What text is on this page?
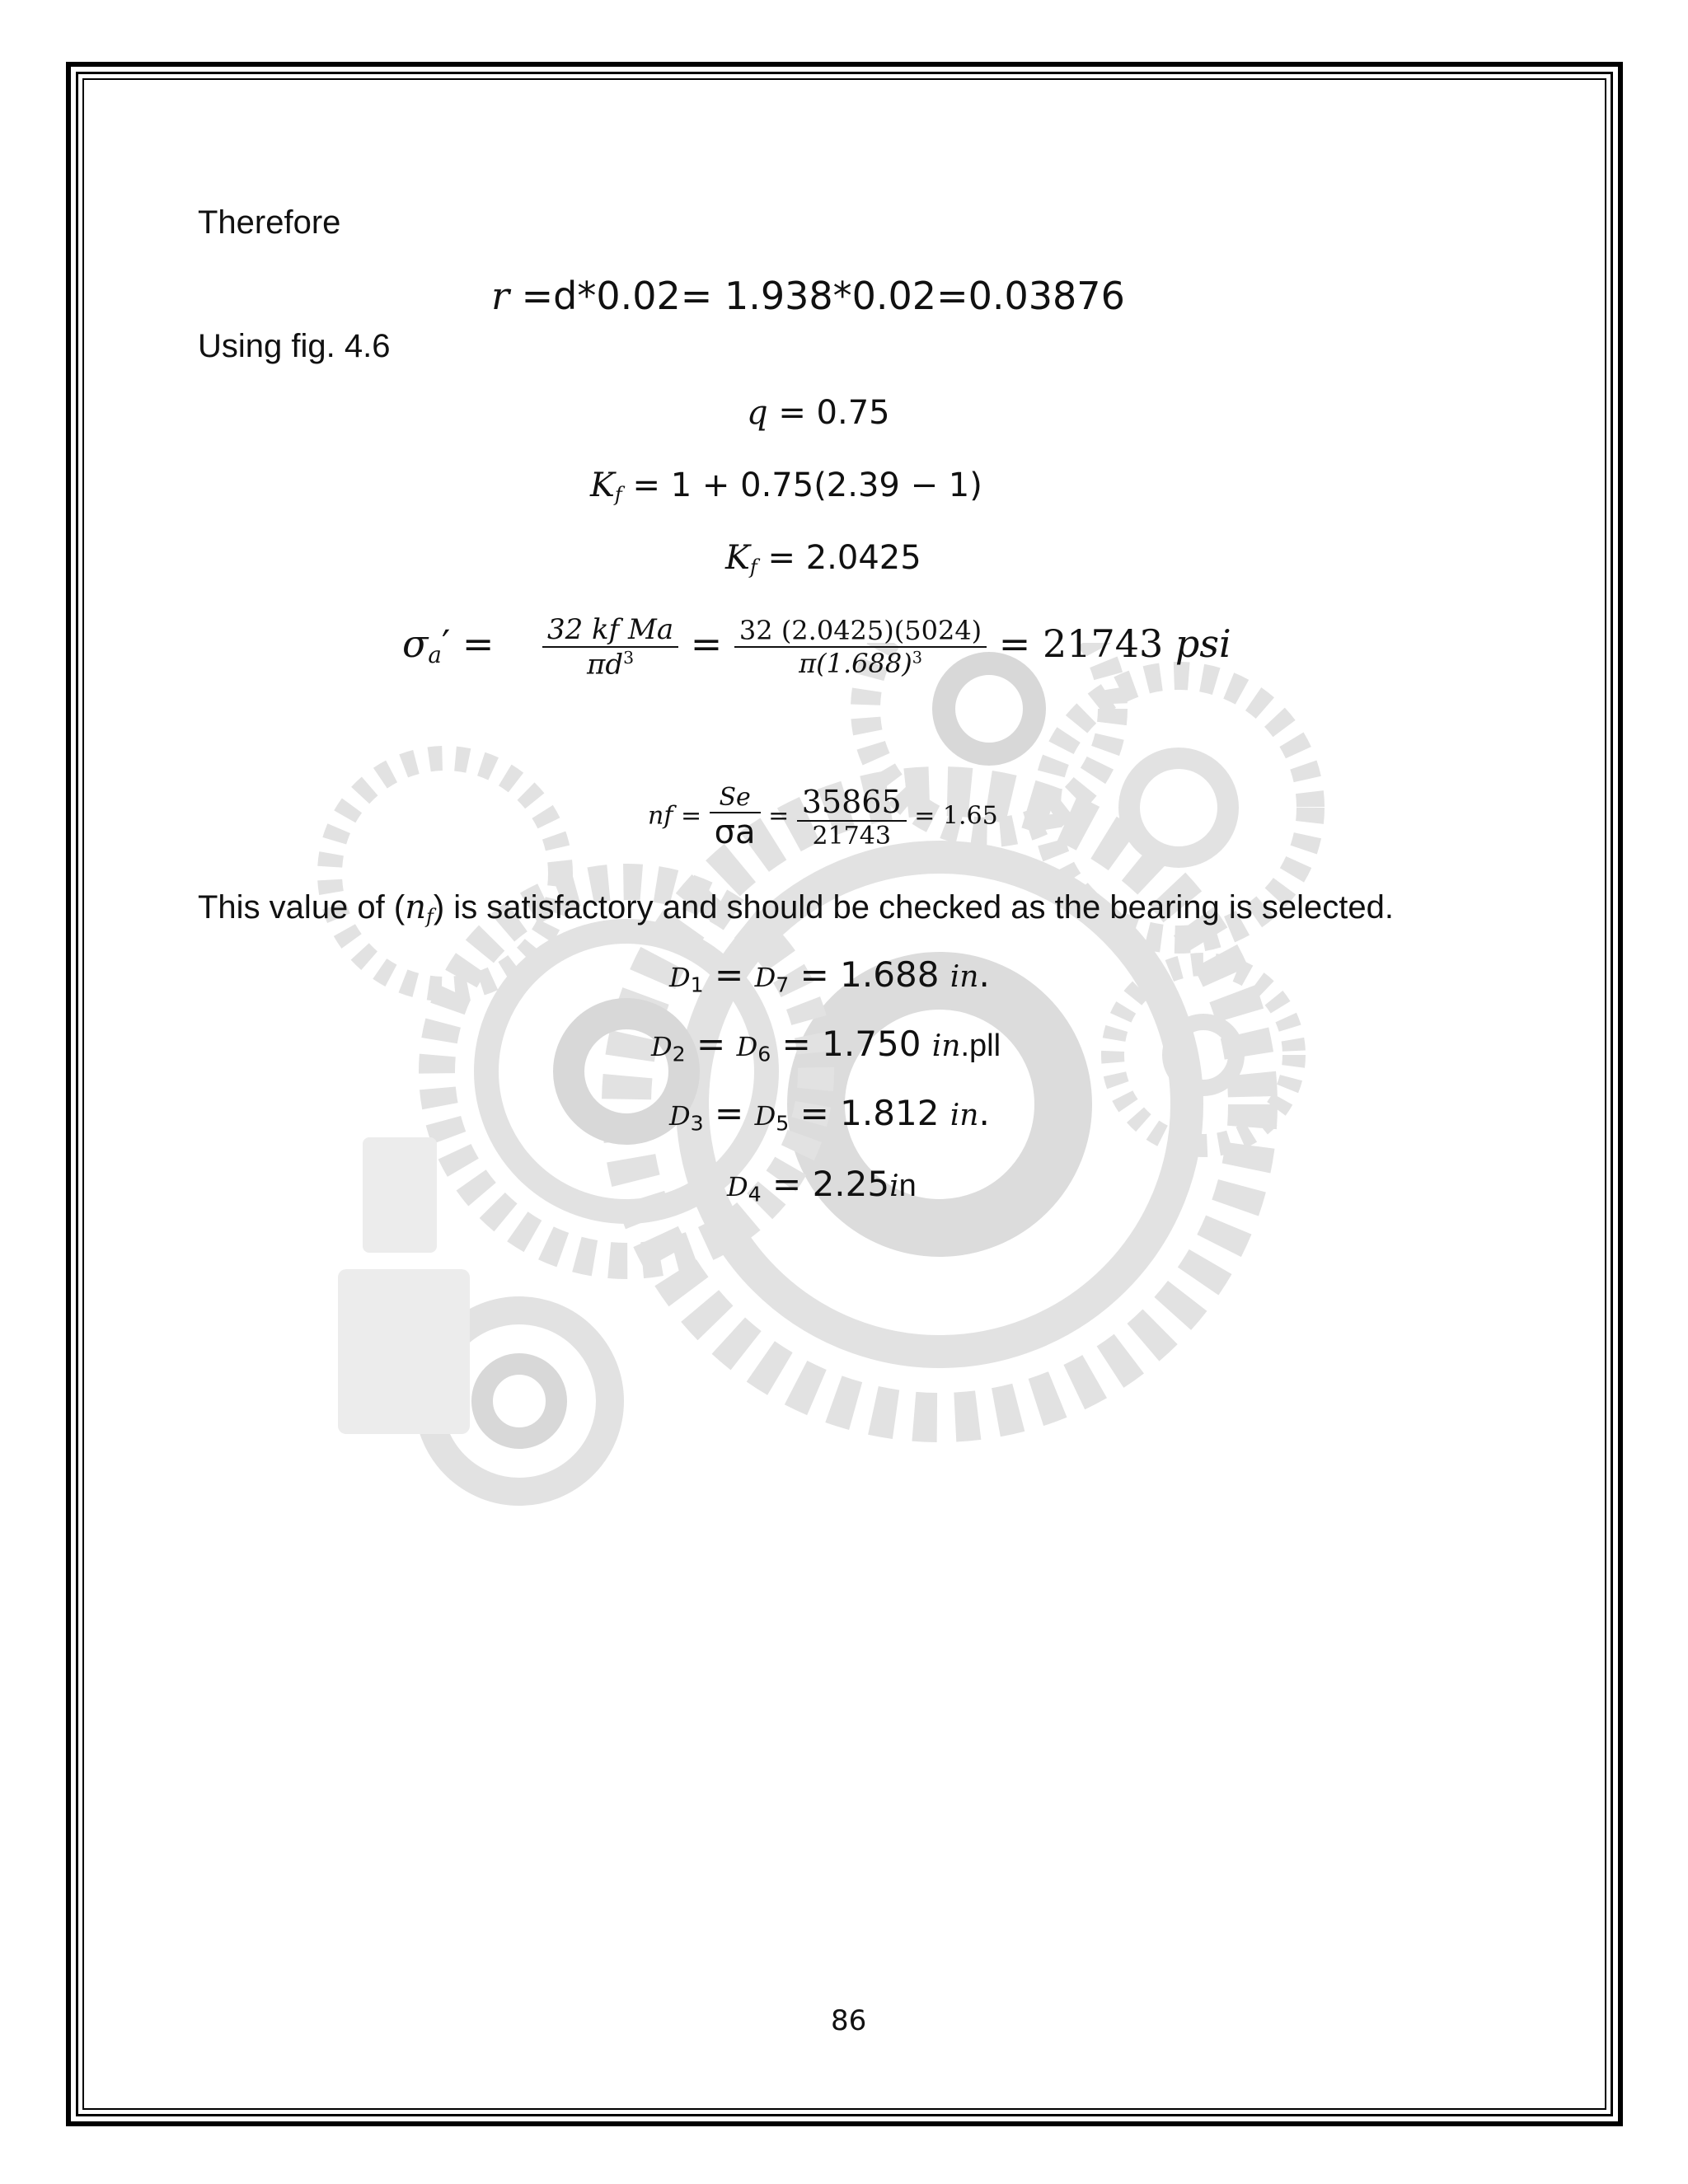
Therefore
r =d*0.02= 1.938*0.02=0.03876
Using fig. 4.6
q = 0.75
$K_f = 1 + 0.75(2.39 - 1)$
$K_f = 2.0425$
$\sigma_a' = \frac{\text{32 kf Ma}}{\pi d^3} = \frac{32 (2.0425)(5024)}{\pi(1.688)^3} = 21743$ psi
nf = $\frac{Se}{\sigma a} = \frac{35865}{21743} = 1.65$
This value of $(n_f)$ is satisfactory and should be checked as the bearing is selected.
$D_1 = D_7 = 1.688$ in.
$D_2 = D_6 = 1.750$ in.pll
$D_3 = D_5 = 1.812$ in.
$D_4 = 2.25in$
86
